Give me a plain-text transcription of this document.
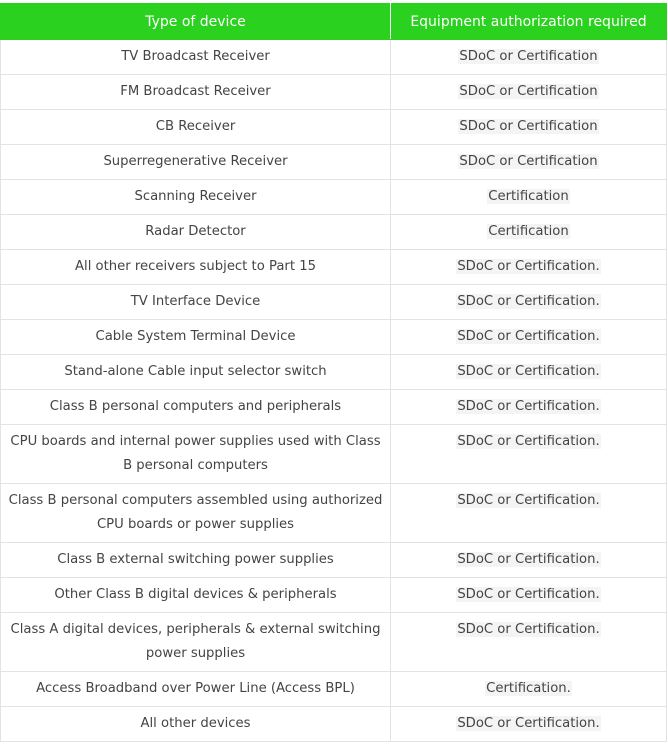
Type of device	Equipment authorization required
TV Broadcast Receiver	SDoC or Certification
FM Broadcast Receiver	SDoC or Certification
CB Receiver	SDoC or Certification
Superregenerative Receiver	SDoC or Certification
Scanning Receiver	Certification
Radar Detector	Certification
All other receivers subject to Part 15	SDoC or Certification.
TV Interface Device	SDoC or Certification.
Cable System Terminal Device	SDoC or Certification.
Stand-alone Cable input selector switch	SDoC or Certification.
Class B personal computers and peripherals	SDoC or Certification.
CPU boards and internal power supplies used with Class B personal computers	SDoC or Certification.
Class B personal computers assembled using authorized CPU boards or power supplies	SDoC or Certification.
Class B external switching power supplies	SDoC or Certification.
Other Class B digital devices & peripherals	SDoC or Certification.
Class A digital devices, peripherals & external switching power supplies	SDoC or Certification.
Access Broadband over Power Line (Access BPL)	Certification.
All other devices	SDoC or Certification.
